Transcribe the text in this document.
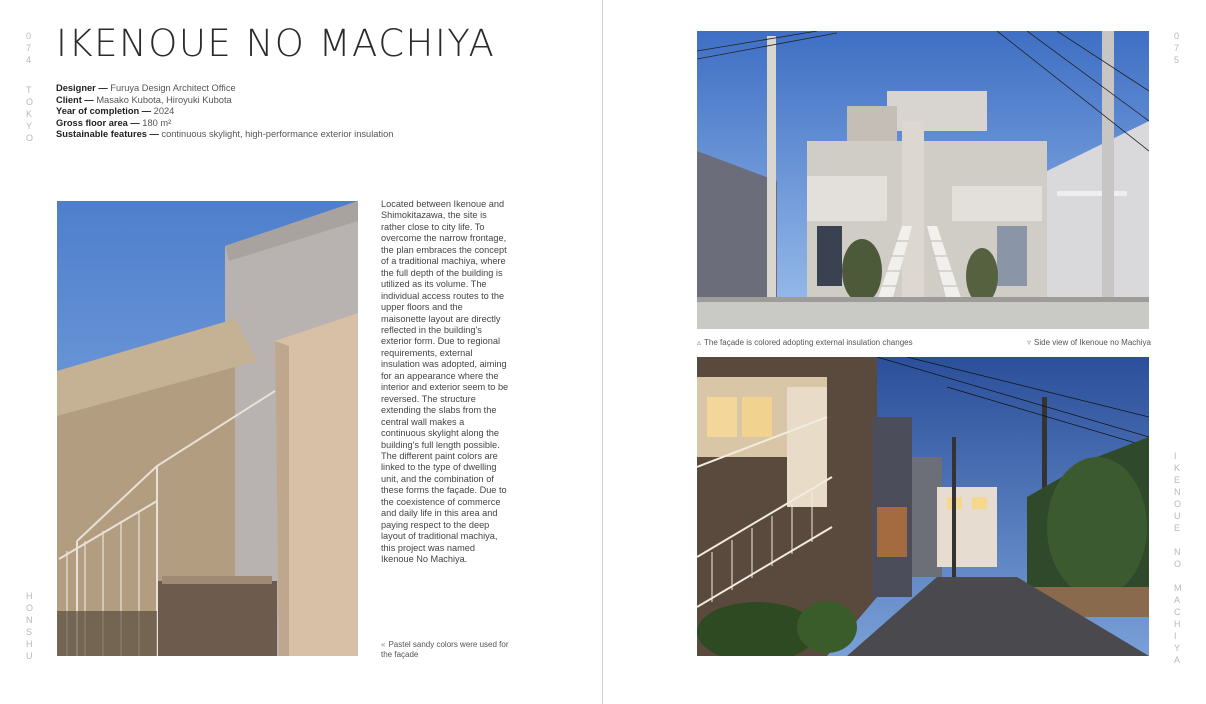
0
7
4
T
O
K
Y
O
H
O
N
S
H
U
0
7
5
I
K
E
N
O
U
E

N
O

M
A
C
H
I
Y
A
IKENOUE NO MACHIYA
Designer — Furuya Design Architect Office
Client — Masako Kubota, Hiroyuki Kubota
Year of completion — 2024
Gross floor area — 180 m²
Sustainable features — continuous skylight, high-performance exterior insulation
Located between Ikenoue and Shimokitazawa, the site is rather close to city life. To overcome the narrow frontage, the plan embraces the concept of a traditional machiya, where the full depth of the building is utilized as its volume. The individual access routes to the upper floors and the maisonette layout are directly reflected in the building's exterior form. Due to regional requirements, external insulation was adopted, aiming for an appearance where the interior and exterior seem to be reversed. The structure extending the slabs from the central wall makes a continuous skylight along the building's full length possible. The different paint colors are linked to the type of dwelling unit, and the combination of these forms the façade. Due to the coexistence of commerce and daily life in this area and paying respect to the deep layout of traditional machiya, this project was named Ikenoue No Machiya.
« Pastel sandy colors were used for the façade
▵ The façade is colored adopting external insulation changes	▿ Side view of Ikenoue no Machiya
